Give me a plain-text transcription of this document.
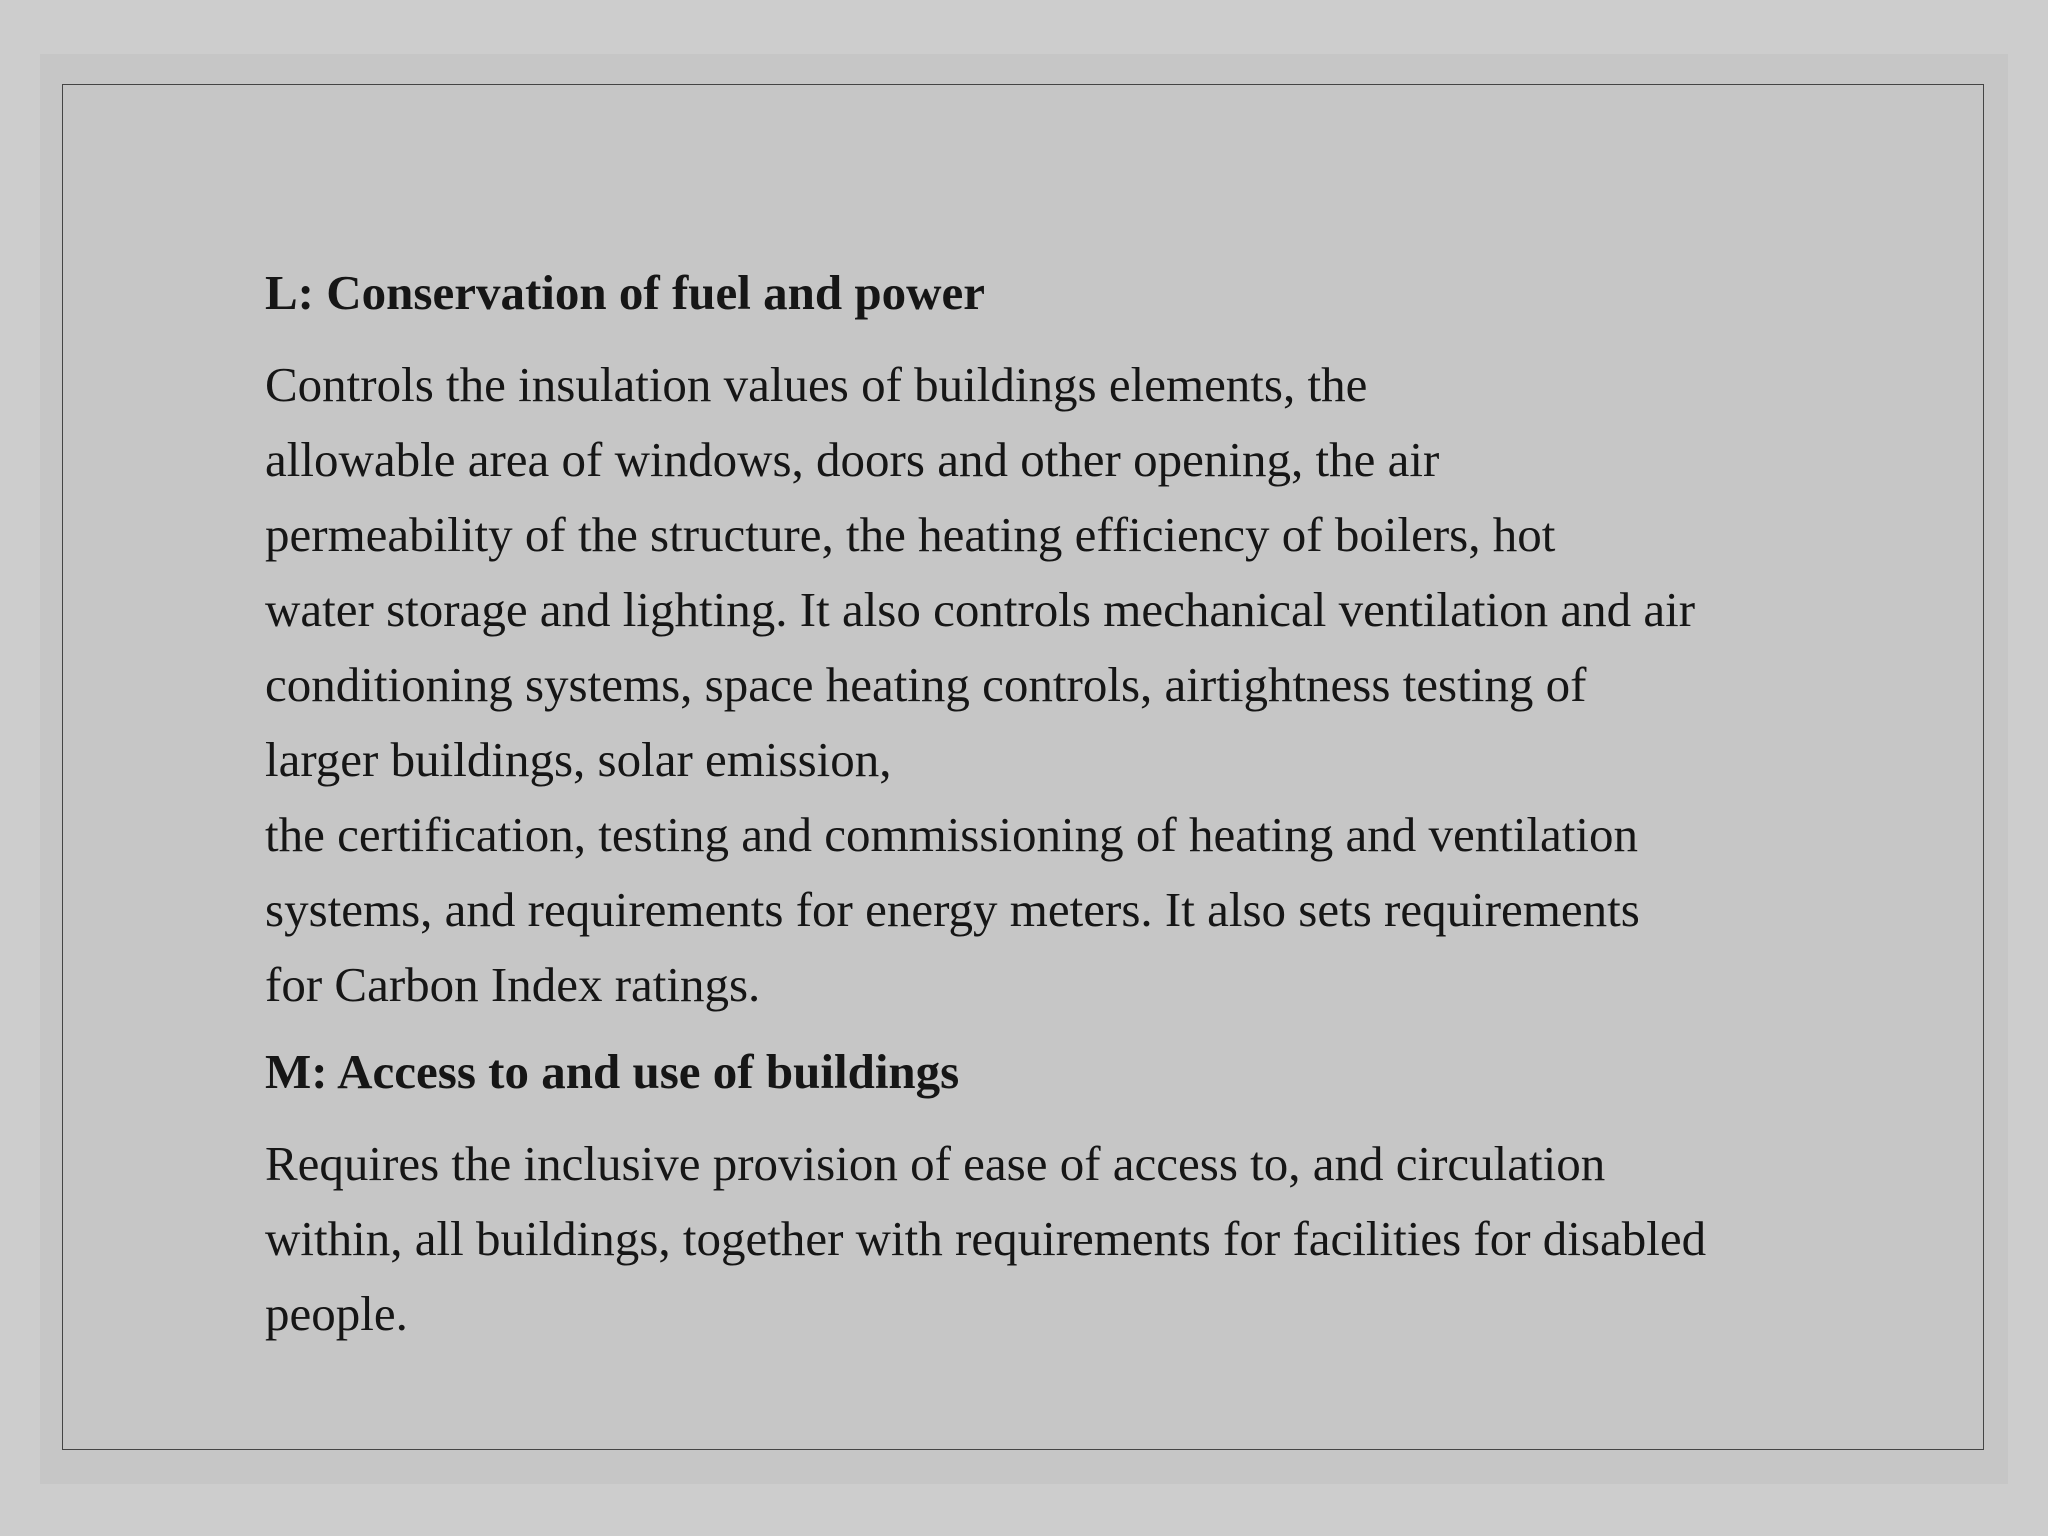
L: Conservation of fuel and power

Controls the insulation values of buildings elements, the
allowable area of windows, doors and other opening, the air
permeability of the structure, the heating efficiency of boilers, hot
water storage and lighting. It also controls mechanical ventilation and air
conditioning systems, space heating controls, airtightness testing of
larger buildings, solar emission,
the certification, testing and commissioning of heating and ventilation
systems, and requirements for energy meters. It also sets requirements
for Carbon Index ratings.

M: Access to and use of buildings

Requires the inclusive provision of ease of access to, and circulation
within, all buildings, together with requirements for facilities for disabled
people.
